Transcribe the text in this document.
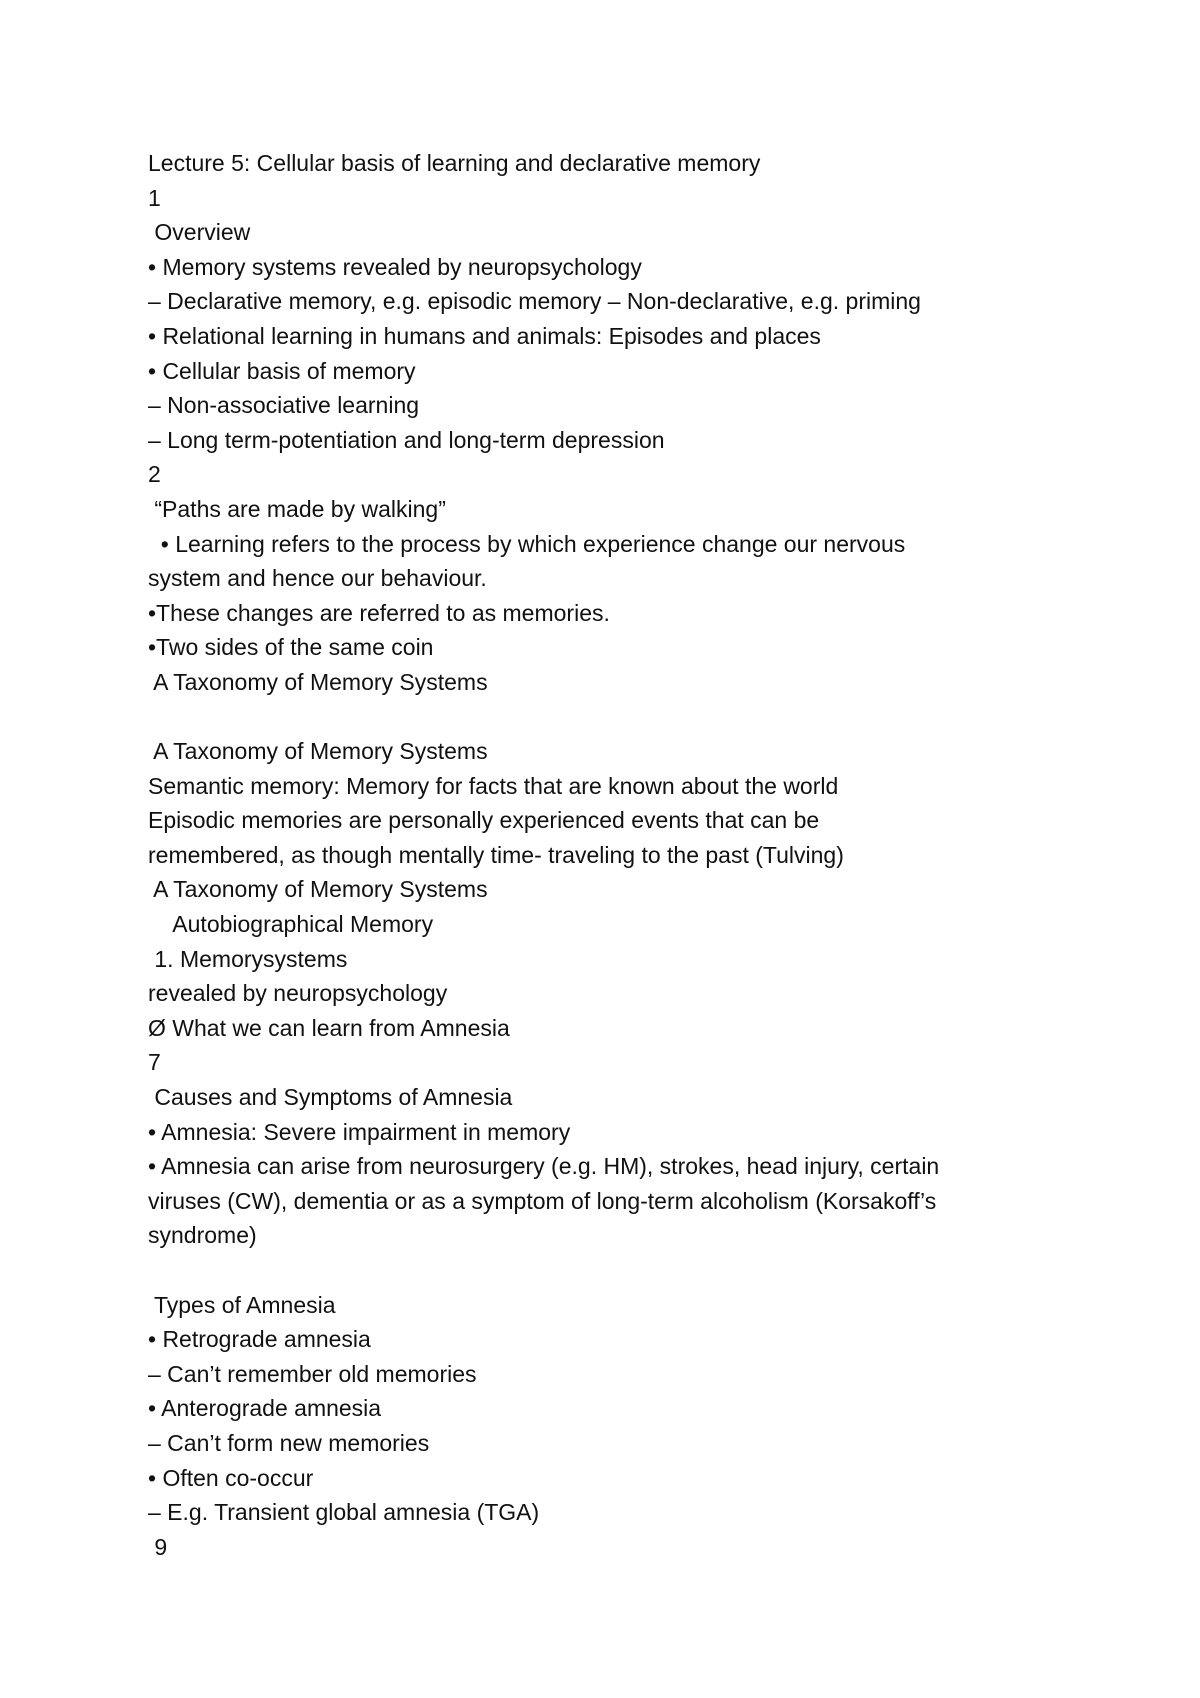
Lecture 5: Cellular basis of learning and declarative memory
1
Overview
• Memory systems revealed by neuropsychology
– Declarative memory, e.g. episodic memory – Non-declarative, e.g. priming
• Relational learning in humans and animals: Episodes and places
• Cellular basis of memory
– Non-associative learning
– Long term-potentiation and long-term depression
2
“Paths are made by walking”
• Learning refers to the process by which experience change our nervous
system and hence our behaviour.
•These changes are referred to as memories.
•Two sides of the same coin
A Taxonomy of Memory Systems
A Taxonomy of Memory Systems
Semantic memory: Memory for facts that are known about the world
Episodic memories are personally experienced events that can be
remembered, as though mentally time- traveling to the past (Tulving)
A Taxonomy of Memory Systems
Autobiographical Memory
1. Memorysystems
revealed by neuropsychology
Ø What we can learn from Amnesia
7
Causes and Symptoms of Amnesia
• Amnesia: Severe impairment in memory
• Amnesia can arise from neurosurgery (e.g. HM), strokes, head injury, certain
viruses (CW), dementia or as a symptom of long-term alcoholism (Korsakoff’s
syndrome)
Types of Amnesia
• Retrograde amnesia
– Can’t remember old memories
• Anterograde amnesia
– Can’t form new memories
• Often co-occur
– E.g. Transient global amnesia (TGA)
9
